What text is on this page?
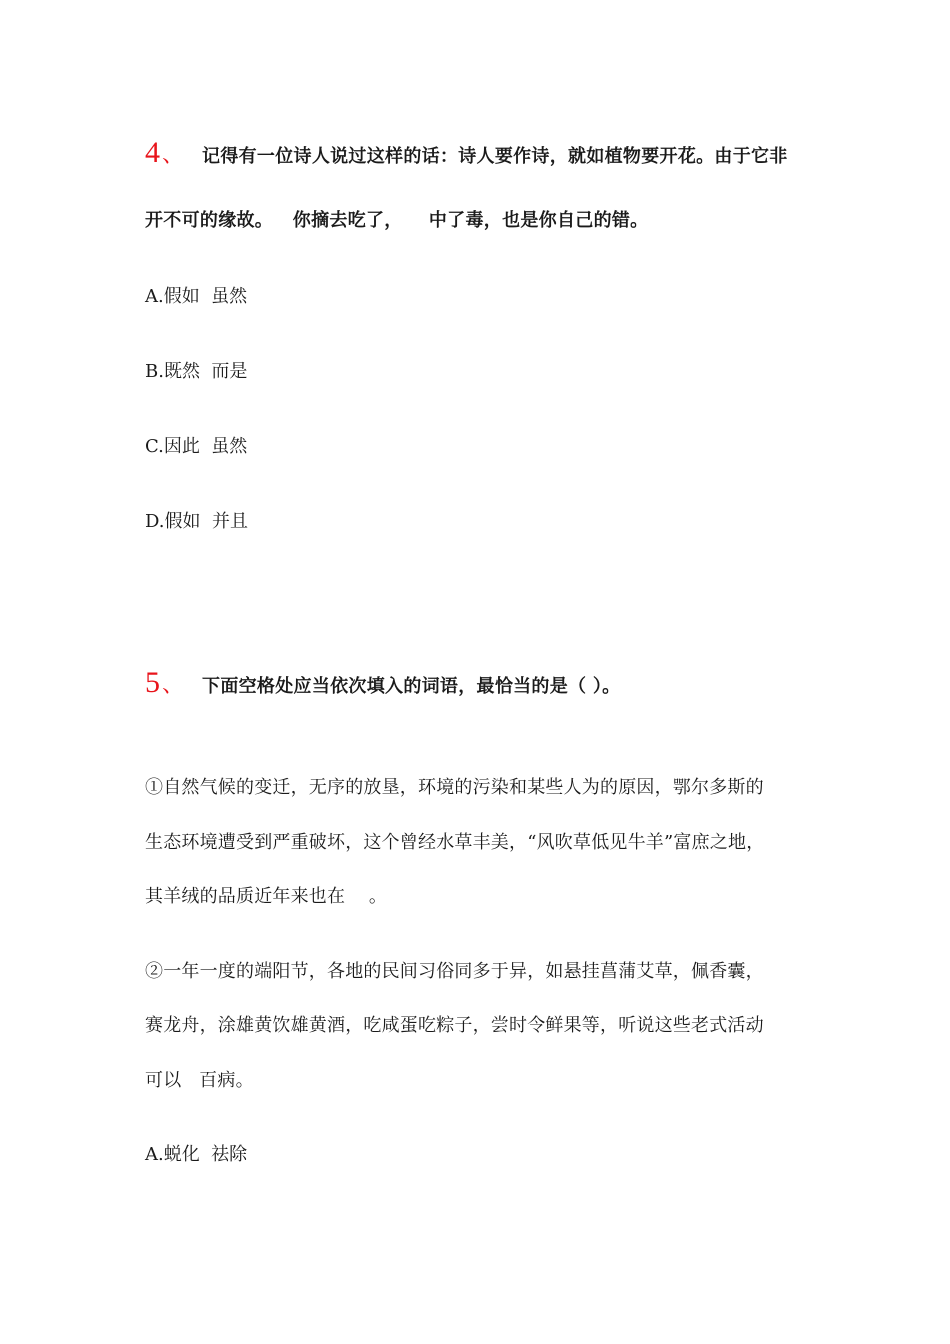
4、 记得有一位诗人说过这样的话：诗人要作诗，就如植物要开花。由于它非
开不可的缘故。   你摘去吃了，    中了毒，也是你自己的错。
A.假如  虽然
B.既然  而是
C.因此  虽然
D.假如  并且
5、 下面空格处应当依次填入的词语，最恰当的是（ ）。
①自然气候的变迁，无序的放垦，环境的污染和某些人为的原因，鄂尔多斯的
生态环境遭受到严重破坏，这个曾经水草丰美，“风吹草低见牛羊”富庶之地，
其羊绒的品质近年来也在    。
②一年一度的端阳节，各地的民间习俗同多于异，如悬挂菖蒲艾草，佩香囊，
赛龙舟，涂雄黄饮雄黄酒，吃咸蛋吃粽子，尝时令鲜果等，听说这些老式活动
可以   百病。
A.蜕化  祛除
